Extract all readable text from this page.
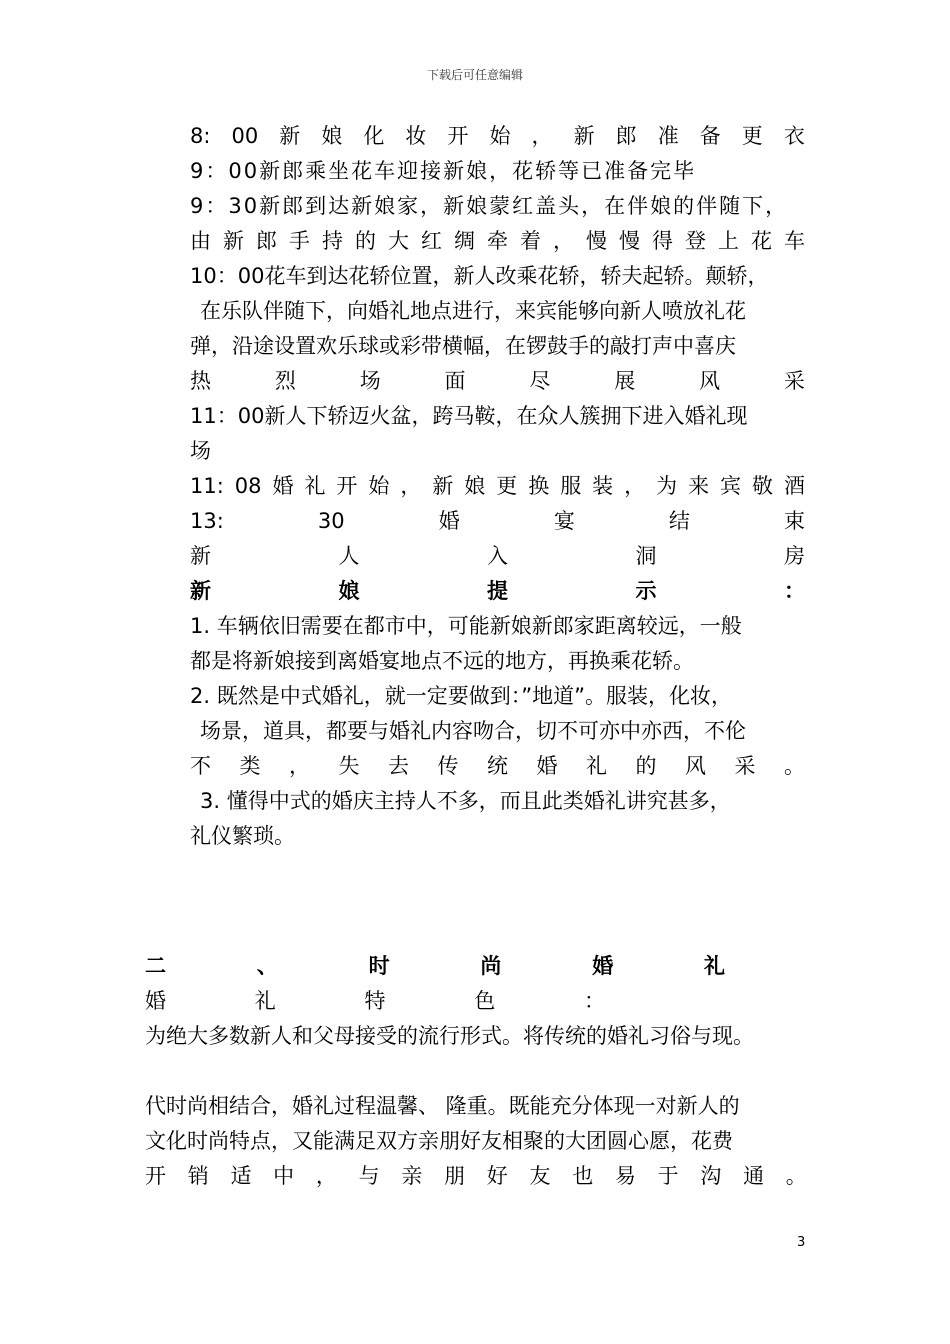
下载后可任意编辑
8: 00 新 娘 化 妆 开 始 ， 新 郎 准 备 更 衣
9：00新郎乘坐花车迎接新娘，花轿等已准备完毕
9：30新郎到达新娘家，新娘蒙红盖头，在伴娘的伴随下，
由 新 郎 手 持 的 大 红 绸 牵 着 ， 慢 慢 得 登 上 花 车
10：00花车到达花轿位置，新人改乘花轿，轿夫起轿。颠轿，
在乐队伴随下，向婚礼地点进行，来宾能够向新人喷放礼花
弹，沿途设置欢乐球或彩带横幅，在锣鼓手的敲打声中喜庆
热	烈	场	面	尽	展	风	采
11：00新人下轿迈火盆，跨马鞍，在众人簇拥下进入婚礼现
场
11: 08 婚 礼 开 始 ， 新 娘 更 换 服 装 ， 为 来 宾 敬 酒
13:	30	婚	宴	结	束
新	人	入	洞	房
新	娘	提	示	：
1. 车辆依旧需要在都市中，可能新娘新郎家距离较远，一般
都是将新娘接到离婚宴地点不远的地方，再换乘花轿。
2. 既然是中式婚礼，就一定要做到：”地道”。服装，化妆，
场景，道具，都要与婚礼内容吻合，切不可亦中亦西，不伦
不 类 ， 失 去 传 统 婚 礼 的 风 采 。
3. 懂得中式的婚庆主持人不多，而且此类婚礼讲究甚多，
礼仪繁琐。
二	、	时	尚	婚	礼
婚	礼	特	色	：
为绝大多数新人和父母接受的流行形式。将传统的婚礼习俗与现。
代时尚相结合，婚礼过程温馨、 隆重。既能充分体现一对新人的
文化时尚特点，又能满足双方亲朋好友相聚的大团圆心愿，花费
开 销 适 中 ， 与 亲 朋 好 友 也 易 于 沟 通 。
3
